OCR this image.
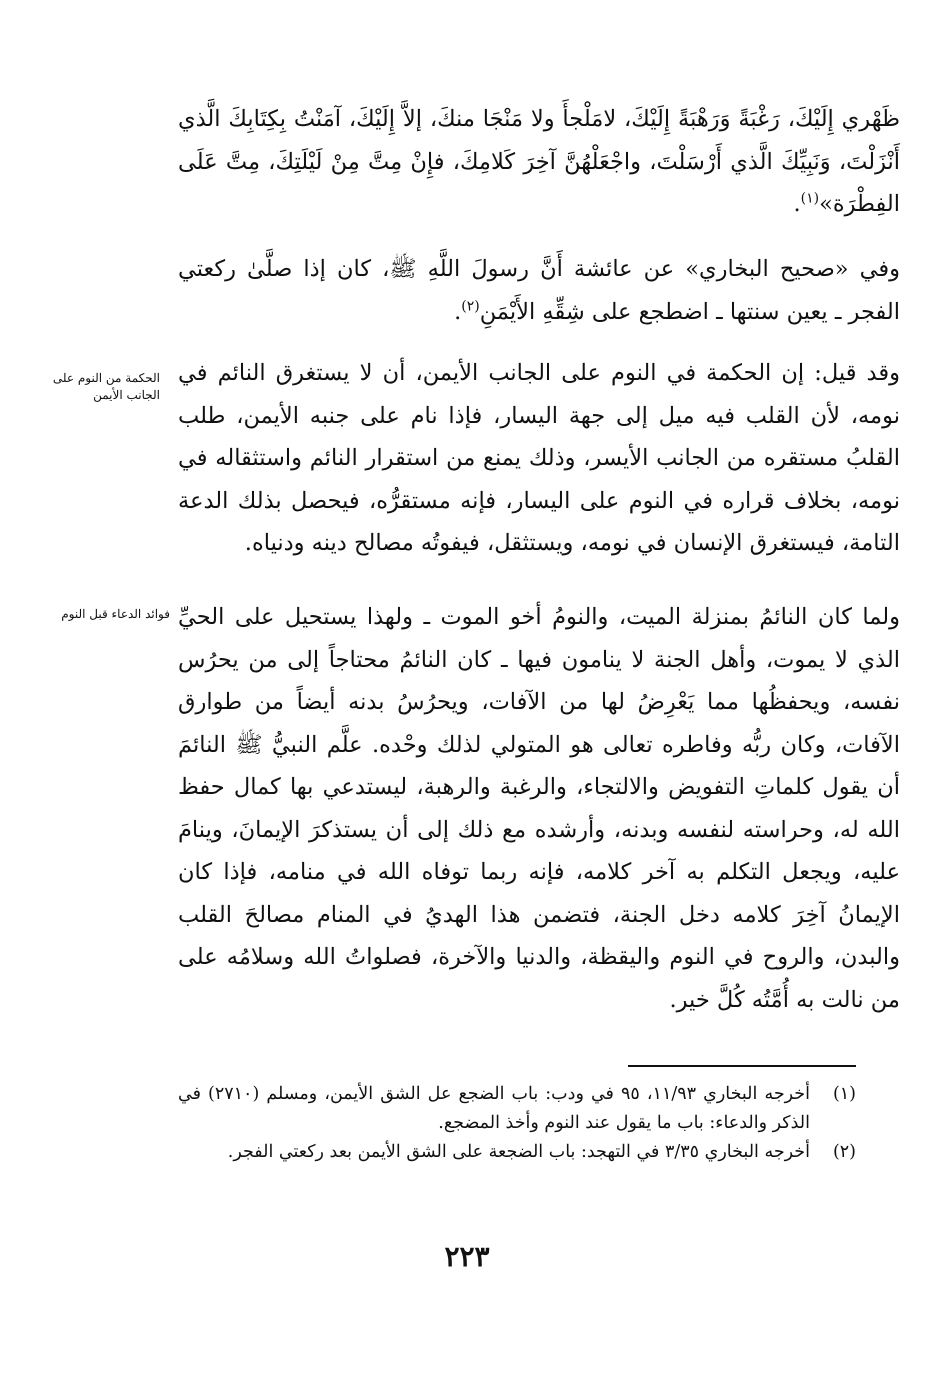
ظَهْري إِلَيْكَ، رَغْبَةً وَرَهْبَةً إِلَيْكَ، لامَلْجأَ ولا مَنْجَا منكَ، إلاَّ إِلَيْكَ، آمَنْتُ بِكِتَابِكَ الَّذي أَنْزَلْتَ، وَنَبِيِّكَ الَّذي أَرْسَلْتَ، واجْعَلْهُنَّ آخِرَ كَلامِكَ، فإِنْ مِتَّ مِنْ لَيْلَتِكَ، مِتَّ عَلَى الفِطْرَة»$^{(١)}$.

وفي «صحيح البخاري» عن عائشة أَنَّ رسولَ اللَّهِ ﷺ، كان إذا صلَّىٰ ركعتي الفجر ـ يعين سنتها ـ اضطجع على شِقِّهِ الأَيْمَنِ$^{(٢)}$.

الحكمة من النوم على الجانب الأيمن

وقد قيل: إن الحكمة في النوم على الجانب الأيمن، أن لا يستغرق النائم في نومه، لأن القلب فيه ميل إلى جهة اليسار، فإذا نام على جنبه الأيمن، طلب القلبُ مستقره من الجانب الأيسر، وذلك يمنع من استقرار النائم واستثقاله في نومه، بخلاف قراره في النوم على اليسار، فإنه مستقرُّه، فيحصل بذلك الدعة التامة، فيستغرق الإنسان في نومه، ويستثقل، فيفوتُه مصالح دينه ودنياه.

فوائد الدعاء قبل النوم ولما كان النائمُ بمنزلة الميت، والنومُ أخو الموت ـ ولهذا يستحيل على الحيِّ الذي لا يموت، وأهل الجنة لا ينامون فيها ـ كان النائمُ محتاجاً إلى من يحرُس نفسه، ويحفظُها مما يَعْرِضُ لها من الآفات، ويحرُسُ بدنه أيضاً من طوارق الآفات، وكان ربُّه وفاطره تعالى هو المتولي لذلك وحْده. علَّم النبيُّ ﷺ النائمَ أن يقول كلماتِ التفويض والالتجاء، والرغبة والرهبة، ليستدعي بها كمال حفظ الله له، وحراسته لنفسه وبدنه، وأرشده مع ذلك إلى أن يستذكرَ الإيمانَ، وينامَ عليه، ويجعل التكلم به آخر كلامه، فإنه ربما توفاه الله في منامه، فإذا كان الإيمانُ آخِرَ كلامه دخل الجنة، فتضمن هذا الهديُ في المنام مصالحَ القلب والبدن، والروح في النوم واليقظة، والدنيا والآخرة، فصلواتُ الله وسلامُه على من نالت به أُمَّتُه كُلَّ خير.

(١)
أخرجه البخاري ١١/٩٣، ٩٥ في ودب: باب الضجع عل الشق الأيمن، ومسلم (٢٧١٠) في الذكر والدعاء: باب ما يقول عند النوم وأخذ المضجع.
(٢)
أخرجه البخاري ٣/٣٥ في التهجد: باب الضجعة على الشق الأيمن بعد ركعتي الفجر.
٢٢٣
